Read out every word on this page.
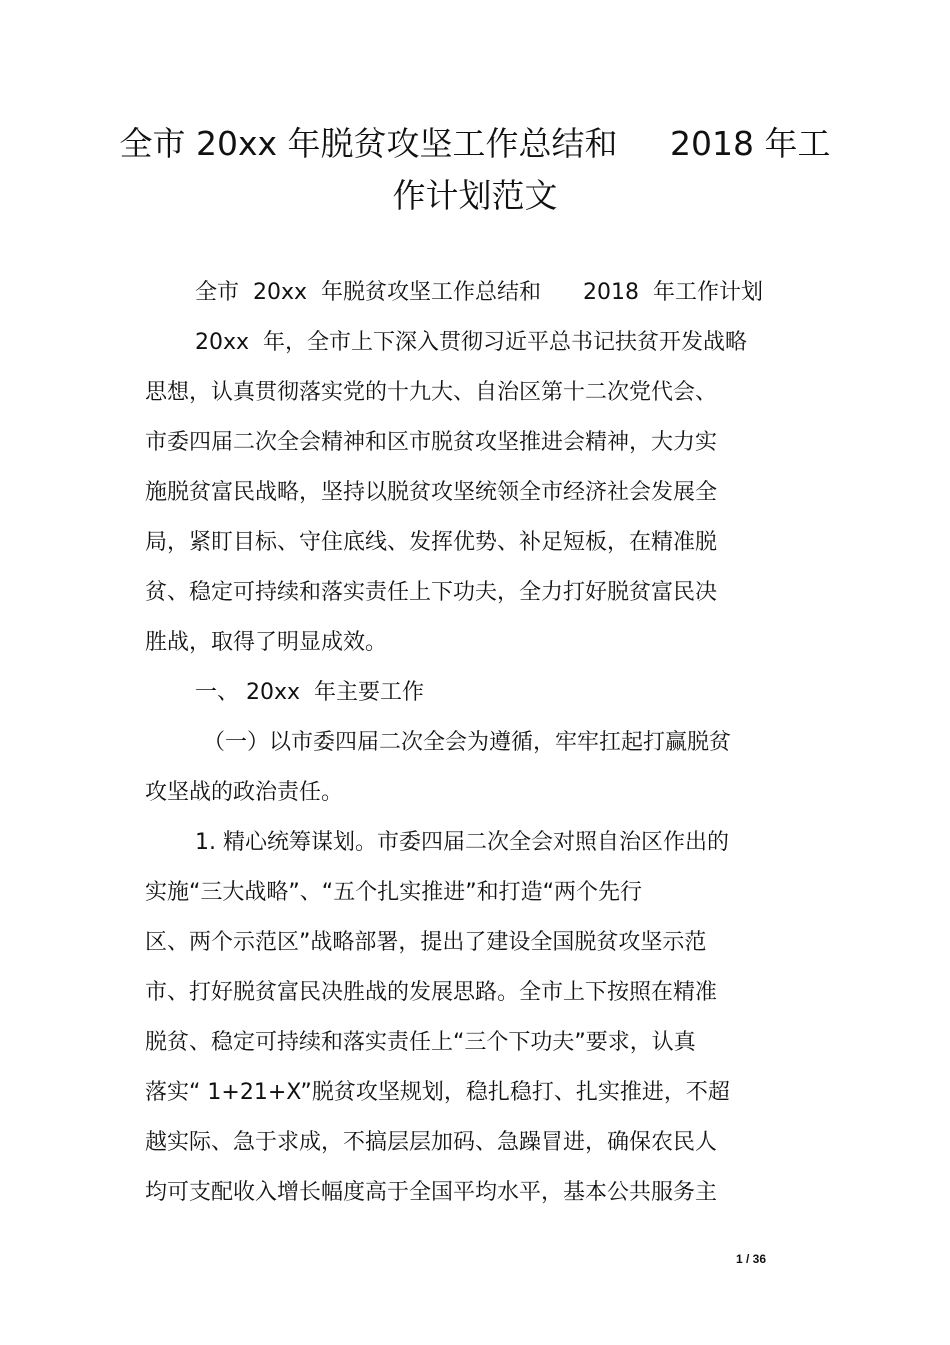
全市 20xx 年脱贫攻坚工作总结和     2018 年工
作计划范文
全市  20xx  年脱贫攻坚工作总结和      2018  年工作计划
20xx  年，全市上下深入贯彻习近平总书记扶贫开发战略
思想，认真贯彻落实党的十九大、自治区第十二次党代会、
市委四届二次全会精神和区市脱贫攻坚推进会精神，大力实
施脱贫富民战略，坚持以脱贫攻坚统领全市经济社会发展全
局，紧盯目标、守住底线、发挥优势、补足短板，在精准脱
贫、稳定可持续和落实责任上下功夫，全力打好脱贫富民决
胜战，取得了明显成效。
一、 20xx  年主要工作
（一）以市委四届二次全会为遵循，牢牢扛起打赢脱贫
攻坚战的政治责任。
1. 精心统筹谋划。市委四届二次全会对照自治区作出的
实施“三大战略”、“五个扎实推进”和打造“两个先行
区、两个示范区”战略部署，提出了建设全国脱贫攻坚示范
市、打好脱贫富民决胜战的发展思路。全市上下按照在精准
脱贫、稳定可持续和落实责任上“三个下功夫”要求，认真
落实“ 1+21+X”脱贫攻坚规划，稳扎稳打、扎实推进，不超
越实际、急于求成，不搞层层加码、急躁冒进，确保农民人
均可支配收入增长幅度高于全国平均水平，基本公共服务主
1 / 36
